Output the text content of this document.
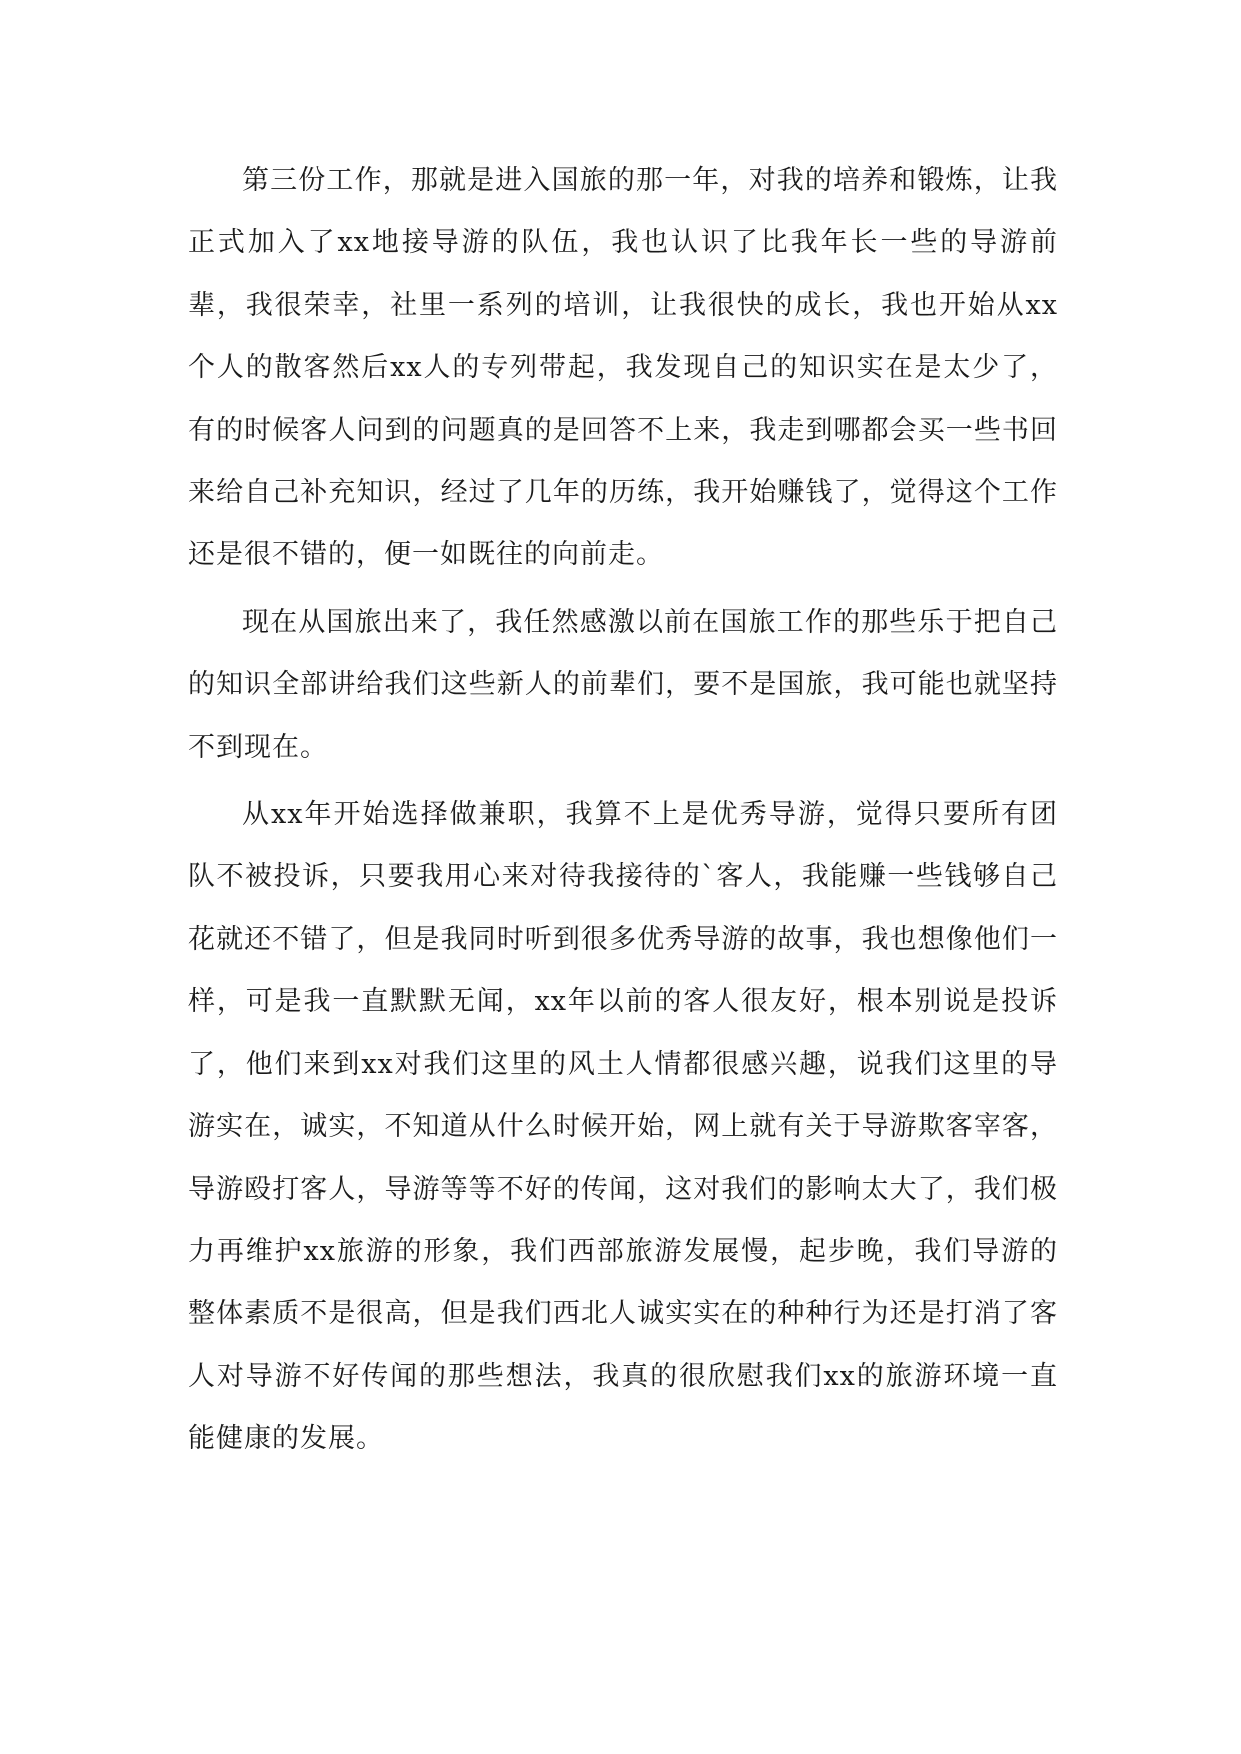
第三份工作，那就是进入国旅的那一年，对我的培养和锻炼，让我正式加入了xx地接导游的队伍，我也认识了比我年长一些的导游前辈，我很荣幸，社里一系列的培训，让我很快的成长，我也开始从xx个人的散客然后xx人的专列带起，我发现自己的知识实在是太少了，有的时候客人问到的问题真的是回答不上来，我走到哪都会买一些书回来给自己补充知识，经过了几年的历练，我开始赚钱了，觉得这个工作还是很不错的，便一如既往的向前走。

现在从国旅出来了，我任然感激以前在国旅工作的那些乐于把自己的知识全部讲给我们这些新人的前辈们，要不是国旅，我可能也就坚持不到现在。

从xx年开始选择做兼职，我算不上是优秀导游，觉得只要所有团队不被投诉，只要我用心来对待我接待的`客人，我能赚一些钱够自己花就还不错了，但是我同时听到很多优秀导游的故事，我也想像他们一样，可是我一直默默无闻，xx年以前的客人很友好，根本别说是投诉了，他们来到xx对我们这里的风土人情都很感兴趣，说我们这里的导游实在，诚实，不知道从什么时候开始，网上就有关于导游欺客宰客，导游殴打客人，导游等等不好的传闻，这对我们的影响太大了，我们极力再维护xx旅游的形象，我们西部旅游发展慢，起步晚，我们导游的整体素质不是很高，但是我们西北人诚实实在的种种行为还是打消了客人对导游不好传闻的那些想法，我真的很欣慰我们xx的旅游环境一直能健康的发展。
